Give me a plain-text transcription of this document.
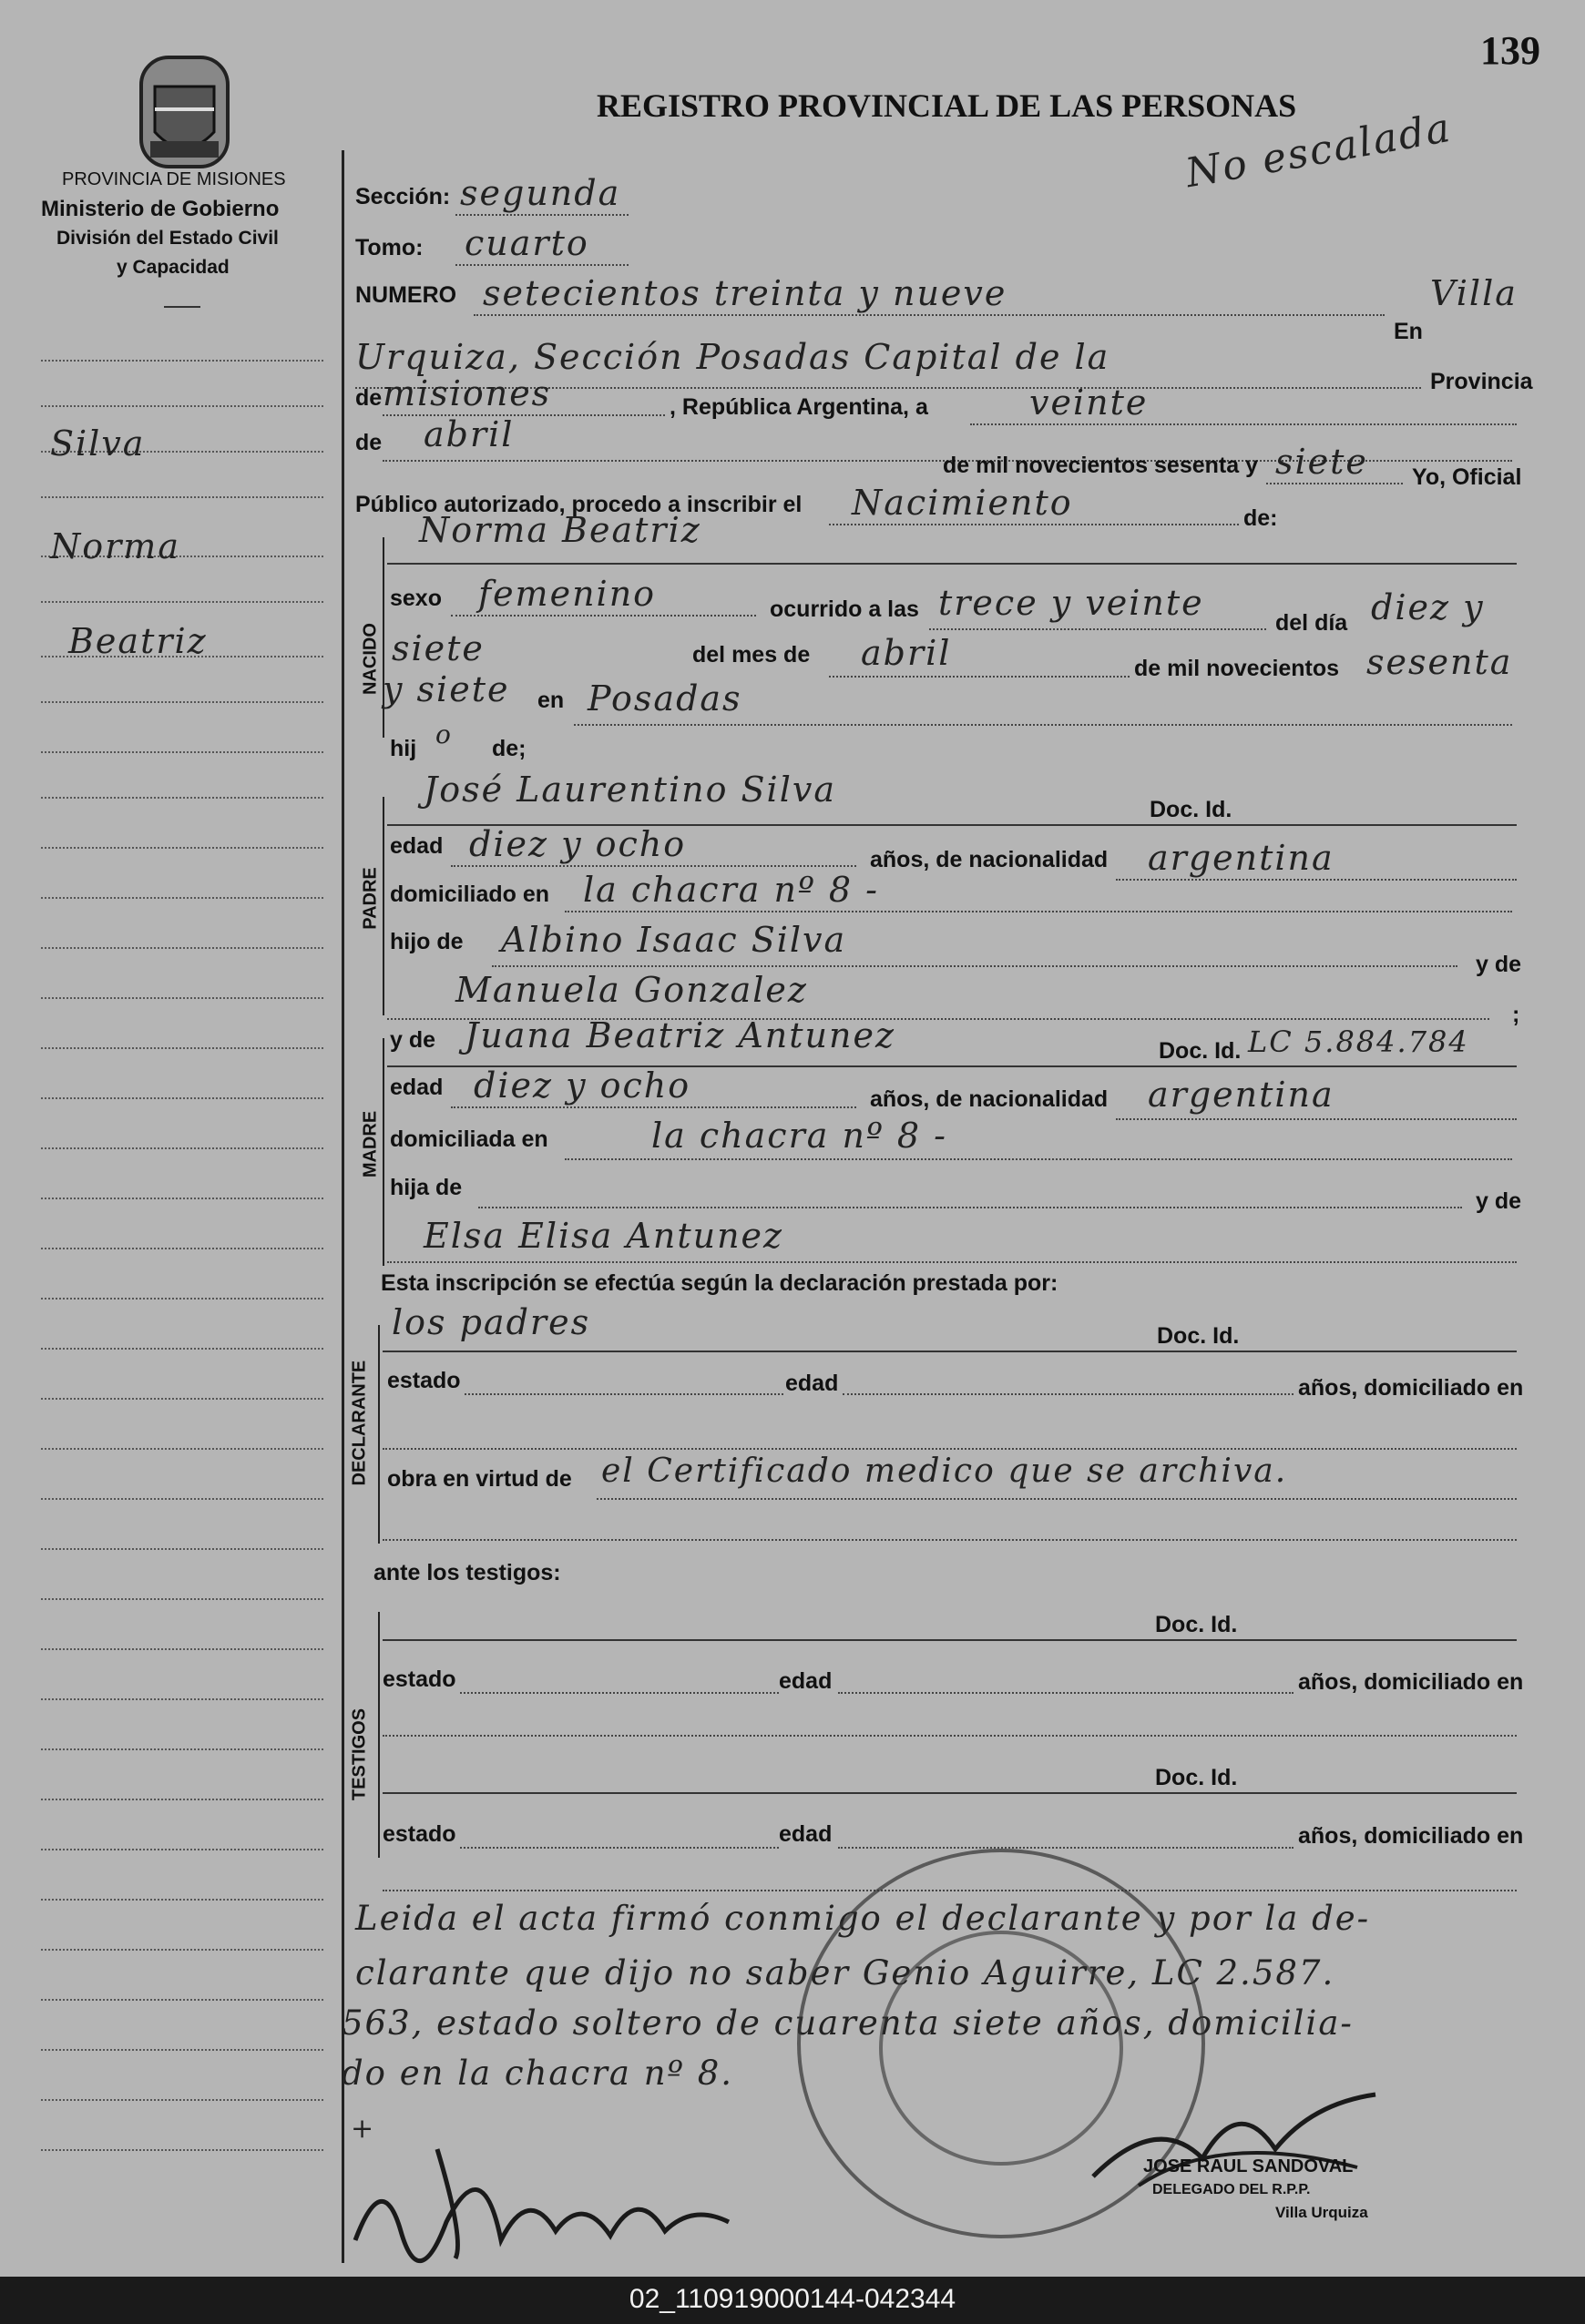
139
REGISTRO PROVINCIAL DE LAS PERSONAS
No escalada
PROVINCIA DE MISIONES
Ministerio de Gobierno
División del Estado Civil
y Capacidad
Silva
Norma
Beatriz
Sección: segunda
Tomo: cuarto
NUMERO setecientos treinta y nueve
En
Villa
Urquiza, Sección Posadas Capital de la
Provincia
de misiones	, República Argentina, a	veinte
de abril
de mil novecientos sesenta y siete Yo, Oficial
Público autorizado, procedo a inscribir el Nacimiento	de:
NACIDO
Norma Beatriz
sexo femenino	ocurrido a las trece y veinte	del día diez y
siete	del mes de abril	de mil novecientos sesenta
y siete en Posadas
hij o de;
José Laurentino Silva	Doc. Id.
PADRE
edad diez y ocho	años, de nacionalidad argentina
domiciliado en la chacra nº 8 -
hijo de Albino Isaac Silva
y de
Manuela Gonzalez
;
y de Juana Beatriz Antunez	Doc. Id. LC 5.884.784
MADRE
edad diez y ocho	años, de nacionalidad argentina
domiciliada en	la chacra nº 8 -
hija de
y de
Elsa Elisa Antunez
Esta inscripción se efectúa según la declaración prestada por:
los padres	Doc. Id.
DECLARANTE estado	edad	años, domiciliado en
obra en virtud de el Certificado medico que se archiva.
ante los testigos:
Doc. Id.
TESTIGOS
estado	edad	años, domiciliado en
Doc. Id.
estado	edad	años, domiciliado en
Leida el acta firmó conmigo el declarante y por la de-
clarante que dijo no saber Genio Aguirre, LC 2.587.
563, estado soltero de cuarenta siete años, domicilia-
do en la chacra nº 8.
+
JOSE RAUL SANDOVAL
DELEGADO DEL R.P.P.
Villa Urquiza
02_110919000144-042344
